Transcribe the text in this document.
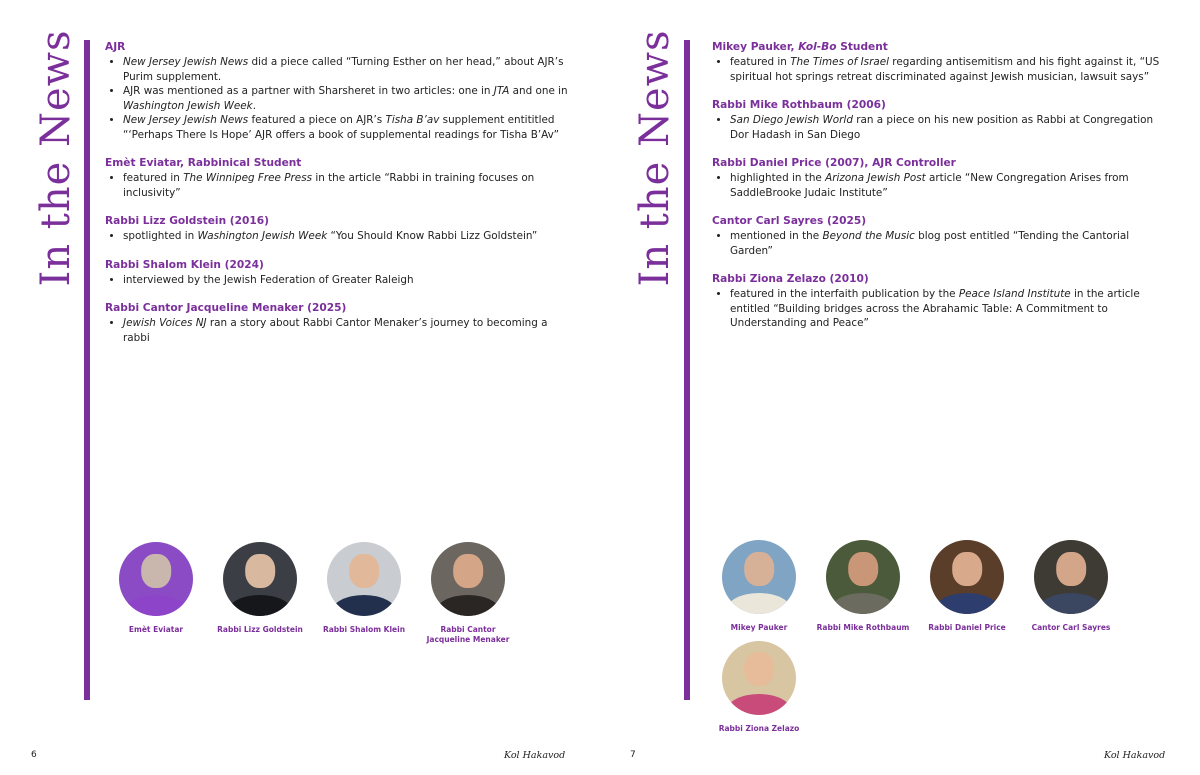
In the News AJR
• New Jersey Jewish News did a piece called “Turning Esther on her head,” about AJR’s Purim supplement.
• AJR was mentioned as a partner with Sharsheret in two articles: one in JTA and one in Washington Jewish Week.
• New Jersey Jewish News featured a piece on AJR’s Tisha B’av supplement entititled “‘Perhaps There Is Hope’ AJR offers a book of supplemental readings for Tisha B’Av”
Emèt Eviatar, Rabbinical Student
• featured in The Winnipeg Free Press in the article “Rabbi in training focuses on inclusivity”
Rabbi Lizz Goldstein (2016)
• spotlighted in Washington Jewish Week “You Should Know Rabbi Lizz Goldstein”
Rabbi Shalom Klein (2024)
• interviewed by the Jewish Federation of Greater Raleigh
Rabbi Cantor Jacqueline Menaker (2025)
• Jewish Voices NJ ran a story about Rabbi Cantor Menaker’s journey to becoming a rabbi
Emèt Eviatar	Rabbi Lizz Goldstein	Rabbi Shalom Klein	Rabbi Cantor
Jacqueline Menaker
6	Kol Hakavod
In the News	Mikey Pauker, Kol-Bo Student
• featured in The Times of Israel regarding antisemitism and his fight against it, “US spiritual hot springs retreat discriminated against Jewish musician, lawsuit says”
Rabbi Mike Rothbaum (2006)
• San Diego Jewish World ran a piece on his new position as Rabbi at Congregation Dor Hadash in San Diego
Rabbi Daniel Price (2007), AJR Controller
• highlighted in the Arizona Jewish Post article “New Congregation Arises from SaddleBrooke Judaic Institute”
Cantor Carl Sayres (2025)
• mentioned in the Beyond the Music blog post entitled “Tending the Cantorial Garden”
Rabbi Ziona Zelazo (2010)
• featured in the interfaith publication by the Peace Island Institute in the article entitled “Building bridges across the Abrahamic Table: A Commitment to Understanding and Peace”
Mikey Pauker	Rabbi Mike Rothbaum	Rabbi Daniel Price	Cantor Carl Sayres
Rabbi Ziona Zelazo
7	Kol Hakavod
